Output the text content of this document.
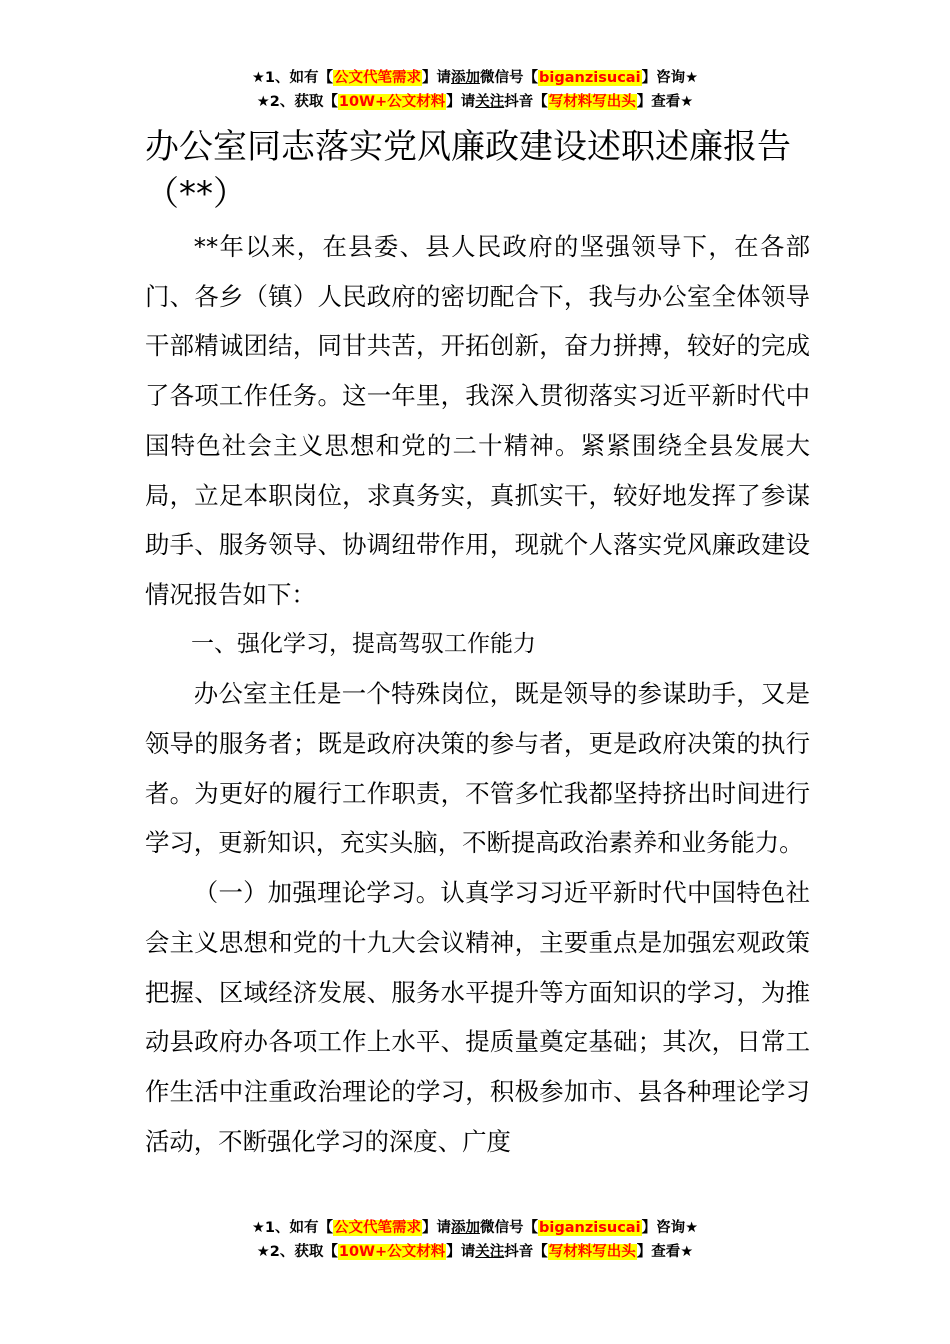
★1、如有【公文代笔需求】请添加微信号【biganzisucai】咨询★
★2、获取【10W+公文材料】请关注抖音【写材料写出头】查看★
办公室同志落实党风廉政建设述职述廉报告（**）

**年以来，在县委、县人民政府的坚强领导下，在各部门、各乡（镇）人民政府的密切配合下，我与办公室全体领导干部精诚团结，同甘共苦，开拓创新，奋力拼搏，较好的完成了各项工作任务。这一年里，我深入贯彻落实习近平新时代中国特色社会主义思想和党的二十精神。紧紧围绕全县发展大局，立足本职岗位，求真务实，真抓实干，较好地发挥了参谋助手、服务领导、协调纽带作用，现就个人落实党风廉政建设情况报告如下：

一、强化学习，提高驾驭工作能力

办公室主任是一个特殊岗位，既是领导的参谋助手，又是领导的服务者；既是政府决策的参与者，更是政府决策的执行者。为更好的履行工作职责，不管多忙我都坚持挤出时间进行学习，更新知识，充实头脑，不断提高政治素养和业务能力。

（一）加强理论学习。认真学习习近平新时代中国特色社会主义思想和党的十九大会议精神，主要重点是加强宏观政策把握、区域经济发展、服务水平提升等方面知识的学习，为推动县政府办各项工作上水平、提质量奠定基础；其次，日常工作生活中注重政治理论的学习，积极参加市、县各种理论学习活动，不断强化学习的深度、广度

★1、如有【公文代笔需求】请添加微信号【biganzisucai】咨询★
★2、获取【10W+公文材料】请关注抖音【写材料写出头】查看★
